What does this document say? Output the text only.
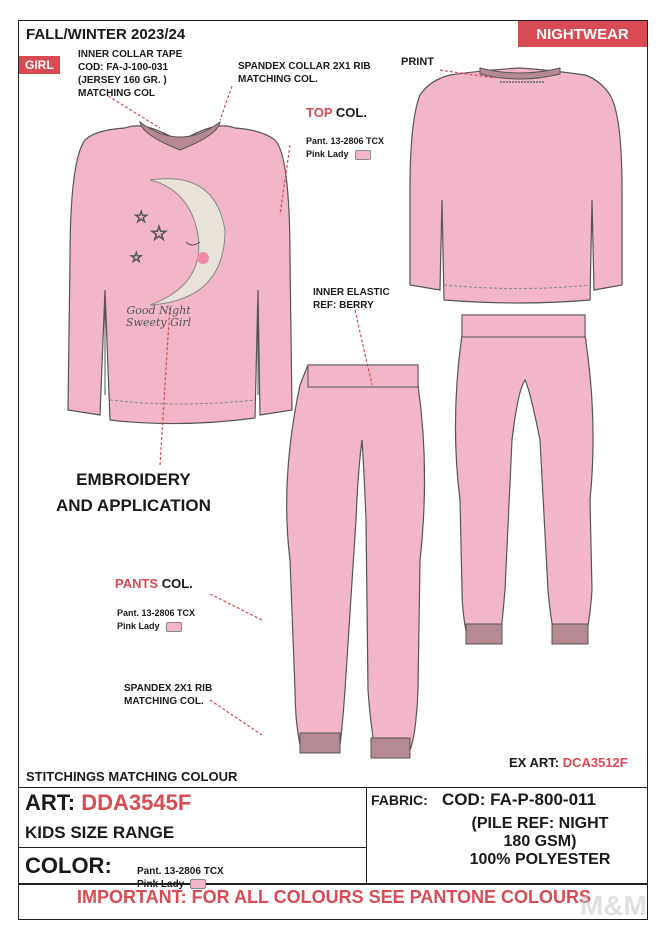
FALL/WINTER 2023/24
GIRL
NIGHTWEAR
☆
☆
☆
Good Night
Sweety Girl
INNER COLLAR TAPE
COD: FA-J-100-031
(JERSEY 160 GR. )
MATCHING COL
SPANDEX COLLAR 2X1 RIB
MATCHING COL.
PRINT
TOP COL.

Pant. 13-2806 TCX
Pink Lady

INNER ELASTIC
REF: BERRY
EMBROIDERY
AND APPLICATION
PANTS COL.

Pant. 13-2806 TCX
Pink Lady

SPANDEX 2X1 RIB
MATCHING COL.
EX ART: DCA3512F
STITCHINGS MATCHING COLOUR
ART: DDA3545F
KIDS SIZE RANGE
COLOR:	Pant. 13-2806 TCX
Pink Lady

FABRIC: COD: FA-P-800-011
(PILE REF: NIGHT
180 GSM)
100% POLYESTER
IMPORTANT: FOR ALL COLOURS SEE PANTONE COLOURS
M&M
